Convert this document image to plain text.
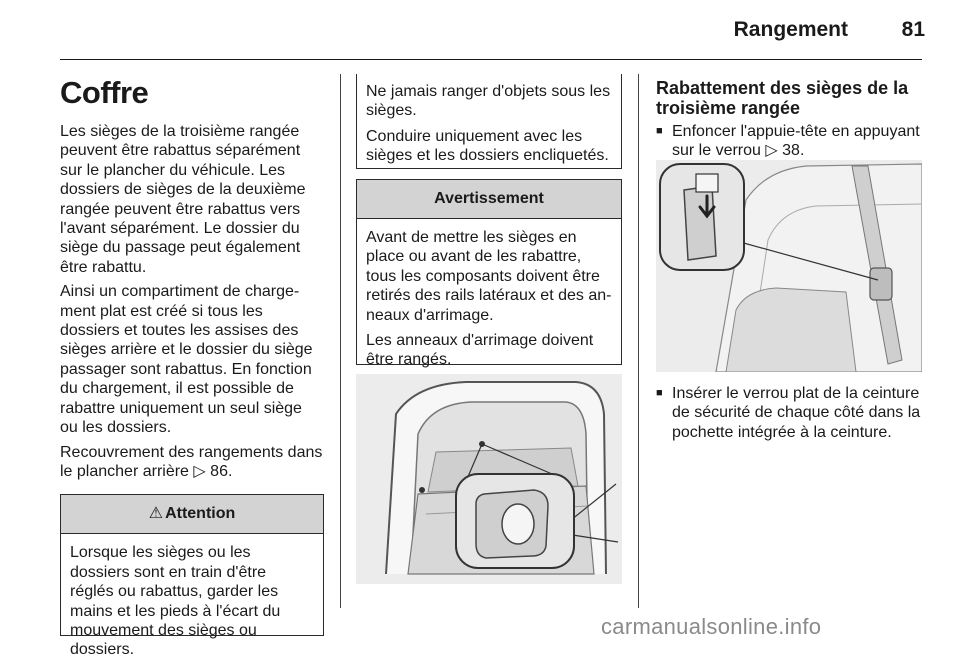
Rangement	81
Coffre

Les sièges de la troisième rangée peuvent être rabattus séparément sur le plancher du véhicule. Les dossiers de sièges de la deuxième rangée peuvent être rabattus vers l'avant séparément. Le dossier du siège du passage peut également être rabattu.

Ainsi un compartiment de chargement plat est créé si tous les dossiers et toutes les assises des sièges arrière et le dossier du siège passager sont rabattus. En fonction du chargement, il est possible de rabattre uniquement un seul siège ou les dossiers.

Recouvrement des rangements dans le plancher arrière ▷ 86.

⚠ Attention

Lorsque les sièges ou les dossiers sont en train d'être réglés ou rabattus, garder les mains et les pieds à l'écart du mouvement des sièges ou dossiers.

Ne jamais ranger d'objets sous les sièges.

Conduire uniquement avec les sièges et les dossiers encliquetés.

Avertissement

Avant de mettre les sièges en place ou avant de les rabattre, tous les composants doivent être retirés des rails latéraux et des anneaux d'arrimage.

Les anneaux d'arrimage doivent être rangés.

Rabattement des sièges de la troisième rangée
■ Enfoncer l'appuie-tête en appuyant sur le verrou ▷ 38.
■ Insérer le verrou plat de la ceinture de sécurité de chaque côté dans la pochette intégrée à la ceinture.
carmanualsonline.info
